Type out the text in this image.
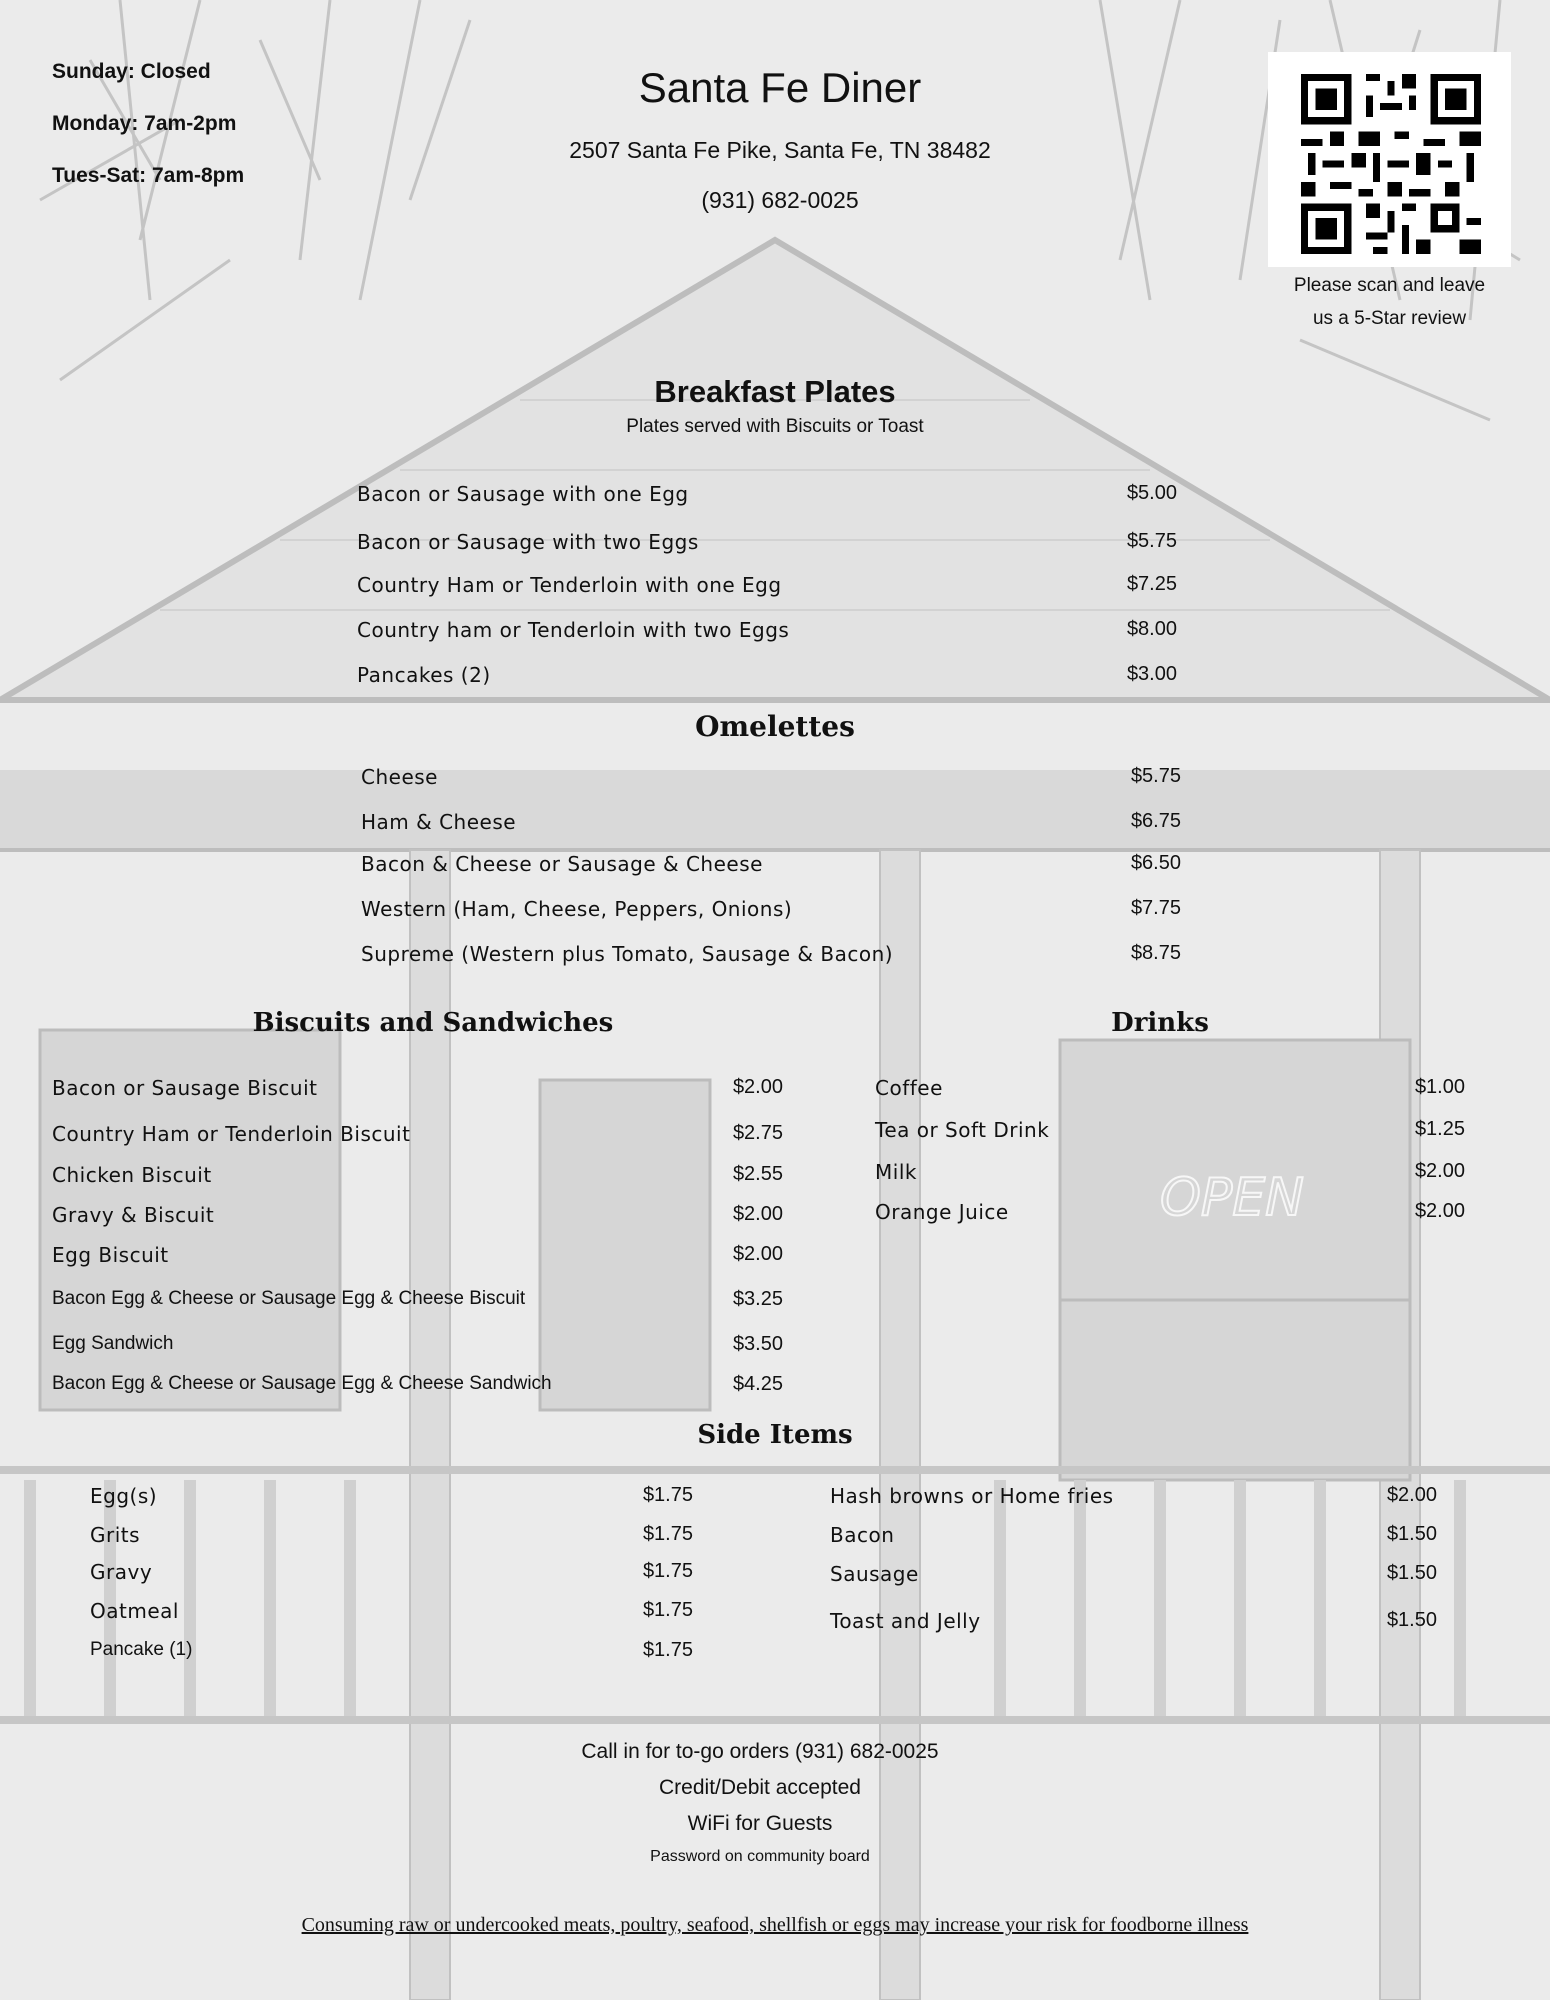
OPEN
Sunday: Closed
Monday: 7am-2pm
Tues-Sat: 7am-8pm
Santa Fe Diner
2507 Santa Fe Pike, Santa Fe, TN 38482
(931) 682-0025
Please scan and leave
us a 5-Star review
Breakfast Plates
Plates served with Biscuits or Toast
Bacon or Sausage with one Egg	$5.00
Bacon or Sausage with two Eggs	$5.75
Country Ham or Tenderloin with one Egg	$7.25
Country ham or Tenderloin with two Eggs	$8.00
Pancakes (2)	$3.00
Omelettes
Cheese	$5.75
Ham & Cheese	$6.75
Bacon & Cheese or Sausage & Cheese	$6.50
Western (Ham, Cheese, Peppers, Onions)	$7.75
Supreme (Western plus Tomato, Sausage & Bacon)	$8.75
Biscuits and Sandwiches
Bacon or Sausage Biscuit	$2.00
Country Ham or Tenderloin Biscuit	$2.75
Chicken Biscuit	$2.55
Gravy & Biscuit	$2.00
Egg Biscuit	$2.00
Bacon Egg & Cheese or Sausage Egg & Cheese Biscuit	$3.25
Egg Sandwich	$3.50
Bacon Egg & Cheese or Sausage Egg & Cheese Sandwich	$4.25
Drinks
Coffee	$1.00
Tea or Soft Drink	$1.25
Milk	$2.00
Orange Juice	$2.00
Side Items
Egg(s)	$1.75
Grits	$1.75
Gravy	$1.75
Oatmeal	$1.75
Pancake (1)	$1.75
Hash browns or Home fries	$2.00
Bacon	$1.50
Sausage	$1.50
Toast and Jelly	$1.50
Call in for to-go orders (931) 682-0025
Credit/Debit accepted
WiFi for Guests
Password on community board
Consuming raw or undercooked meats, poultry, seafood, shellfish or eggs may increase your risk for foodborne illness
